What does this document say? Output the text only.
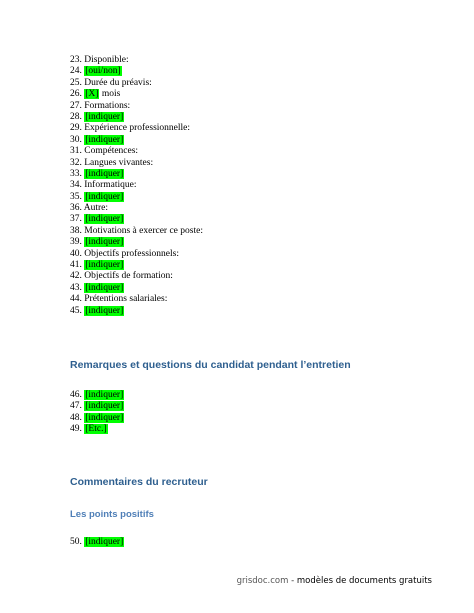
23. Disponible:
24. [oui/non]
25. Durée du préavis:
26. [X] mois
27. Formations:
28. [indiquer]
29. Expérience professionnelle:
30. [indiquer]
31. Compétences:
32. Langues vivantes:
33. [indiquer]
34. Informatique:
35. [indiquer]
36. Autre:
37. [indiquer]
38. Motivations à exercer ce poste:
39. [indiquer]
40. Objectifs professionnels:
41. [indiquer]
42. Objectifs de formation:
43. [indiquer]
44. Prétentions salariales:
45. [indiquer]
Remarques et questions du candidat pendant l’entretien
46. [indiquer]
47. [indiquer]
48. [indiquer]
49. [Etc.]
Commentaires du recruteur
Les points positifs
50. [indiquer]
grisdoc.com - modèles de documents gratuits
